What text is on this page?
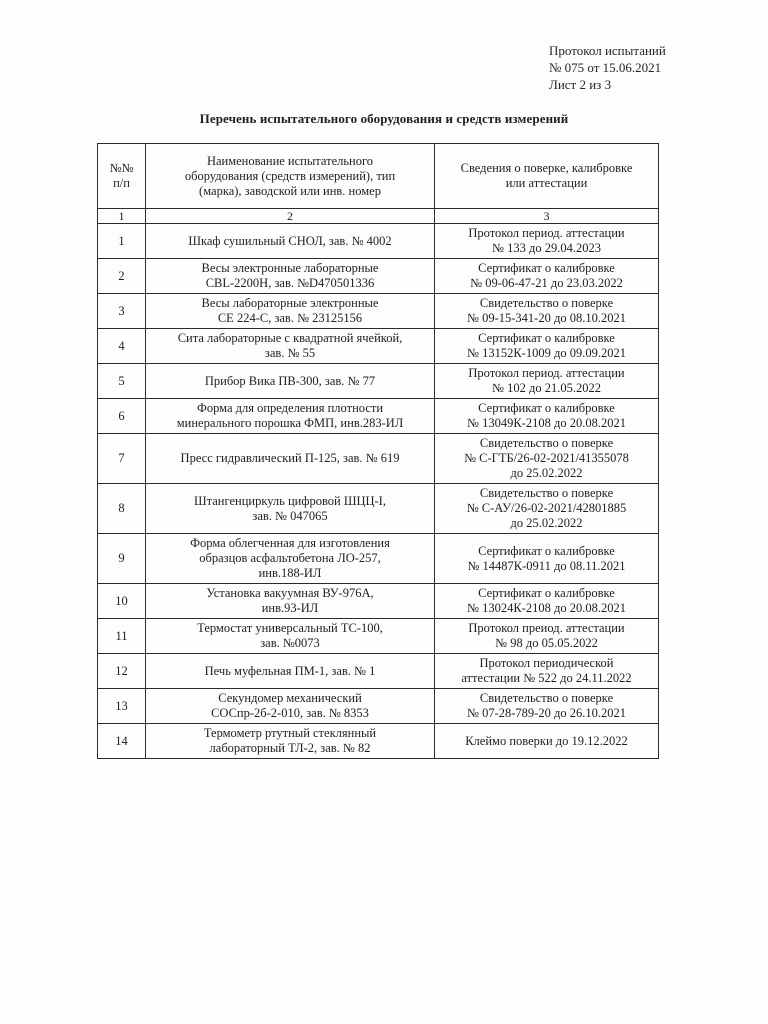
Протокол испытаний
№ 075 от 15.06.2021
Лист 2 из 3
Перечень испытательного оборудования и средств измерений
№№
п/п	Наименование испытательного
оборудования (средств измерений), тип
(марка), заводской или инв. номер	Сведения о поверке, калибровке
или аттестации
1	2	3
1	Шкаф сушильный СНОЛ, зав. № 4002	Протокол период. аттестации
№ 133 до 29.04.2023
2	Весы электронные лабораторные
CBL-2200H, зав. №D470501336	Сертификат о калибровке
№ 09-06-47-21 до 23.03.2022
3	Весы лабораторные электронные
CE 224-C, зав. № 23125156	Свидетельство о поверке
№ 09-15-341-20 до 08.10.2021
4	Сита лабораторные с квадратной ячейкой,
зав. № 55	Сертификат о калибровке
№ 13152К-1009 до 09.09.2021
5	Прибор Вика ПВ-300, зав. № 77	Протокол период. аттестации
№ 102 до 21.05.2022
6	Форма для определения плотности
минерального порошка ФМП, инв.283-ИЛ	Сертификат о калибровке
№ 13049К-2108 до 20.08.2021
7	Пресс гидравлический П-125, зав. № 619	Свидетельство о поверке
№ С-ГТБ/26-02-2021/41355078
до 25.02.2022
8	Штангенциркуль цифровой ШЦЦ-I,
зав. № 047065	Свидетельство о поверке
№ С-АУ/26-02-2021/42801885
до 25.02.2022
9	Форма облегченная для изготовления
образцов асфальтобетона ЛО-257,
инв.188-ИЛ	Сертификат о калибровке
№ 14487К-0911 до 08.11.2021
10	Установка вакуумная ВУ-976А,
инв.93-ИЛ	Сертификат о калибровке
№ 13024К-2108 до 20.08.2021
11	Термостат универсальный ТС-100,
зав. №0073	Протокол преиод. аттестации
№ 98 до 05.05.2022
12	Печь муфельная ПМ-1, зав. № 1	Протокол периодической
аттестации № 522 до 24.11.2022
13	Секундомер механический
СОСпр-2б-2-010, зав. № 8353	Свидетельство о поверке
№ 07-28-789-20 до 26.10.2021
14	Термометр ртутный стеклянный
лабораторный ТЛ-2, зав. № 82	Клеймо поверки до 19.12.2022
